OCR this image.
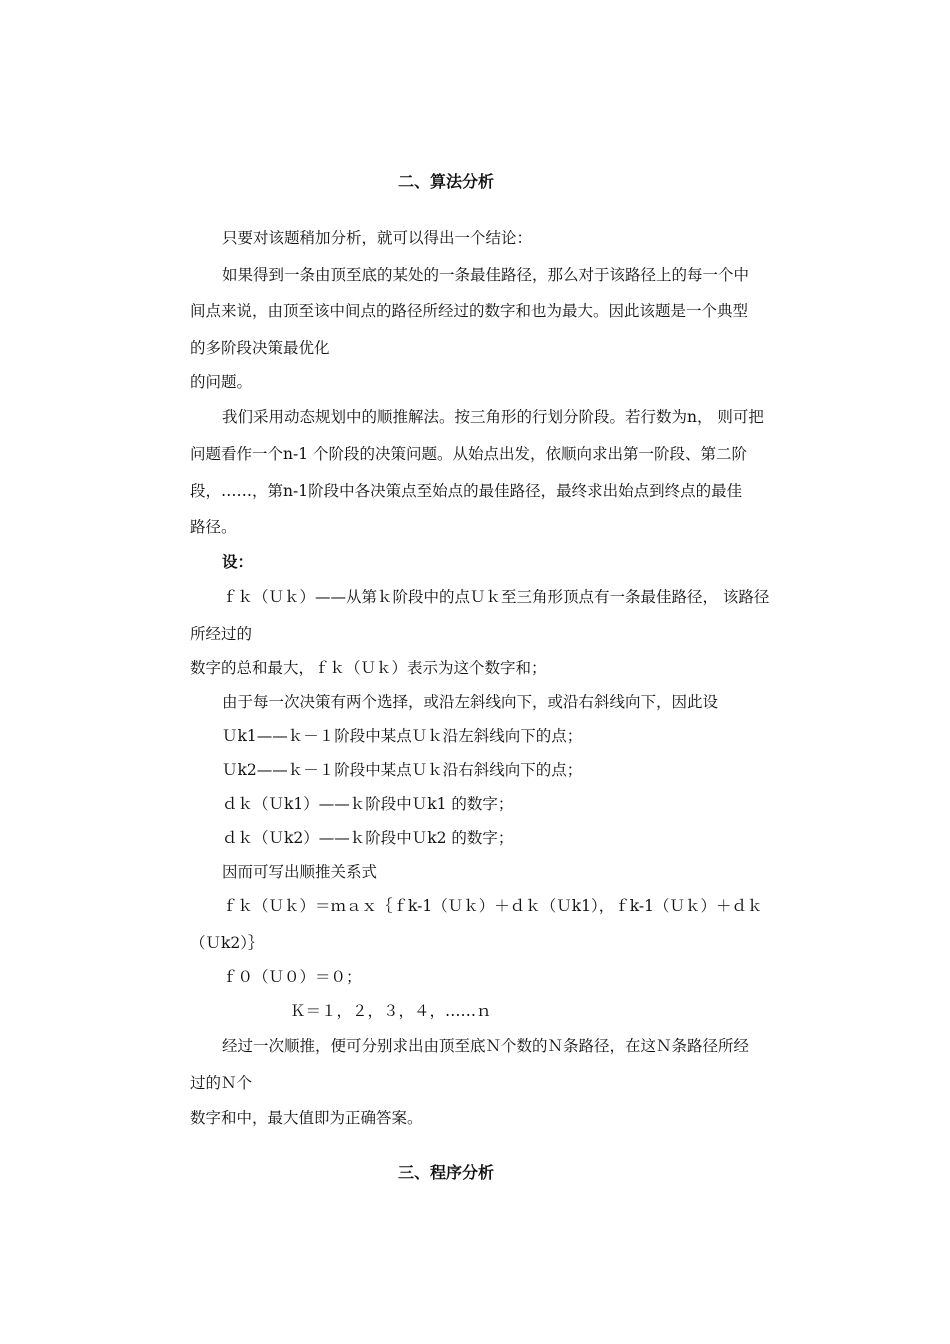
二、算法分析
只要对该题稍加分析，就可以得出一个结论：
如果得到一条由顶至底的某处的一条最佳路径，那么对于该路径上的每一个中
间点来说，由顶至该中间点的路径所经过的数字和也为最大。因此该题是一个典型
的多阶段决策最优化
的问题。
我们采用动态规划中的顺推解法。按三角形的行划分阶段。若行数为n， 则可把
问题看作一个n-1 个阶段的决策问题。从始点出发，依顺向求出第一阶段、第二阶
段，……，第n-1阶段中各决策点至始点的最佳路径，最终求出始点到终点的最佳
路径。
设：
ｆｋ（Ｕｋ）——从第ｋ阶段中的点Ｕｋ至三角形顶点有一条最佳路径， 该路径
所经过的
数字的总和最大，ｆｋ（Ｕｋ）表示为这个数字和；
由于每一次决策有两个选择，或沿左斜线向下，或沿右斜线向下，因此设
Ｕk1——ｋ－１阶段中某点Ｕｋ沿左斜线向下的点；
Ｕk2——ｋ－１阶段中某点Ｕｋ沿右斜线向下的点；
ｄｋ（Ｕk1）——ｋ阶段中Ｕk1 的数字；
ｄｋ（Ｕk2）——ｋ阶段中Ｕk2 的数字；
因而可写出顺推关系式
ｆｋ（Ｕｋ）＝ｍａｘ｛ｆk-1（Ｕｋ）＋ｄｋ（Ｕk1），ｆk-1（Ｕｋ）＋ｄｋ
（Ｕk2）｝
ｆ０（Ｕ０）＝０；
Ｋ＝１，２，３，４，……ｎ
经过一次顺推，便可分别求出由顶至底Ｎ个数的Ｎ条路径，在这Ｎ条路径所经
过的Ｎ个
数字和中，最大值即为正确答案。
三、程序分析
